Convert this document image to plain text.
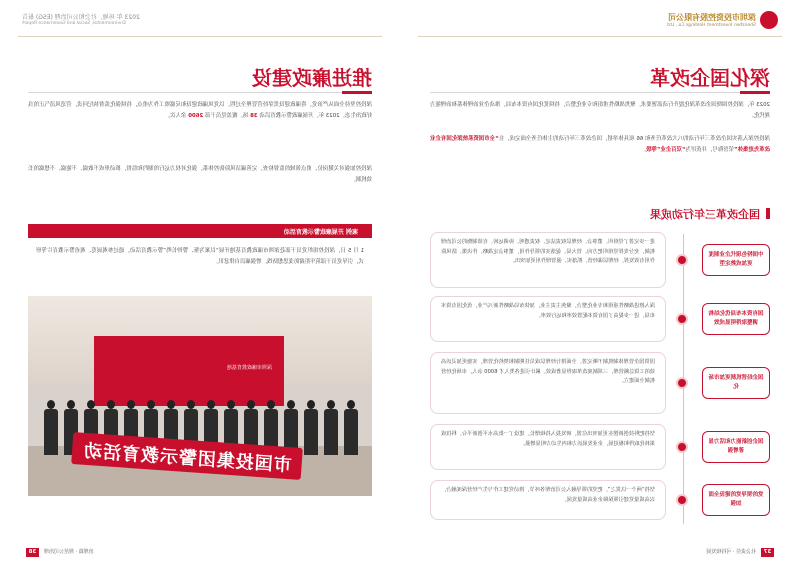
深圳市投资控股有限公司
Shenzhen Investment Holdings Co., Ltd.
深化国企改革
2023 年，深投控围绕国企改革深化提升行动部署要求，聚焦战略性重组和专业化整合，持续优化国有资本布局，推动企业治理体系和治理能力现代化。
深投控深入落实国企改革三年行动的八大改革任务和 66 项具体举措，国企改革三年行动的主体任务全面完成，在“全市国资系统深化国有企业改革先进集体”荣誉称号，并获评为“双百企业”等级。
国企改革三年行动成果
中国特色现代企业制度更加成熟定型
进一步完善了党组织、董事会、经理层权责法定、权责透明、协调运转、有效制衡的公司治理机制，充分发挥党组织把方向、管大局、促落实的领导作用，董事会定战略、作决策、防风险作用有效发挥，经理层谋经营、抓落实、强管理作用更加突出。
国有资本布局优化结构调整取得明显成效
深入推进战略性重组和专业化整合，聚焦主责主业，加快布局战略性新兴产业，优化国有资本布局，进一步提高了国有资本配置效率和运行效率。
国企经营机制更加市场化
国资国企管理体制机制不断完善，全面推行经理层成员任期制和契约化管理，实施更加灵活高效的工资总额管理，三项制度改革取得显著成效，累计引进各类人才 6000 余人，市场化经营机制全面建立。
国企创新能力和活力显著增强
坚持把科技创新摆在更加突出位置，研发投入持续增长，建设了一批高水平创新平台，科技成果转化取得积极进展，企业发展活力和内生动力明显增强。
党的领导党的建设全面加强
坚持“两个一以贯之”，把党的领导融入公司治理各环节，推动党建工作与生产经营深度融合，以高质量党建引领保障企业高质量发展。
37
社会责任 · 可持续发展
2023 年 环境、社会和公司治理 (ESG) 报告
Environmental, Social and Governance Report
推进廉政建设
深投控坚持全面从严治党，将廉政建设贯穿经营管理全过程，以党风廉政建设和反腐败工作为重点，持续强化监督执纪问责，营造风清气正的良好政治生态。2023 年，开展廉政警示教育活动 38 场，覆盖党员干部 2600 余人次。
深投控加强对关键岗位、重点领域的监督检查，完善廉洁风险防控体系，强化对权力运行的制约和监督，推动形成不敢腐、不能腐、不想腐的长效机制。
案例 开展廉政警示教育活动
1 月 5 日，深投控组织党员干部赴深圳市廉政教育基地开展“以案为鉴、警钟长鸣”警示教育活动，通过参观展览、观看警示教育片等形式，引导党员干部筑牢拒腐防变思想防线，增强廉洁自律意识。
深圳市廉政教育基地
市国投集团警示教育活动
38	治理篇 · 规范公司治理
